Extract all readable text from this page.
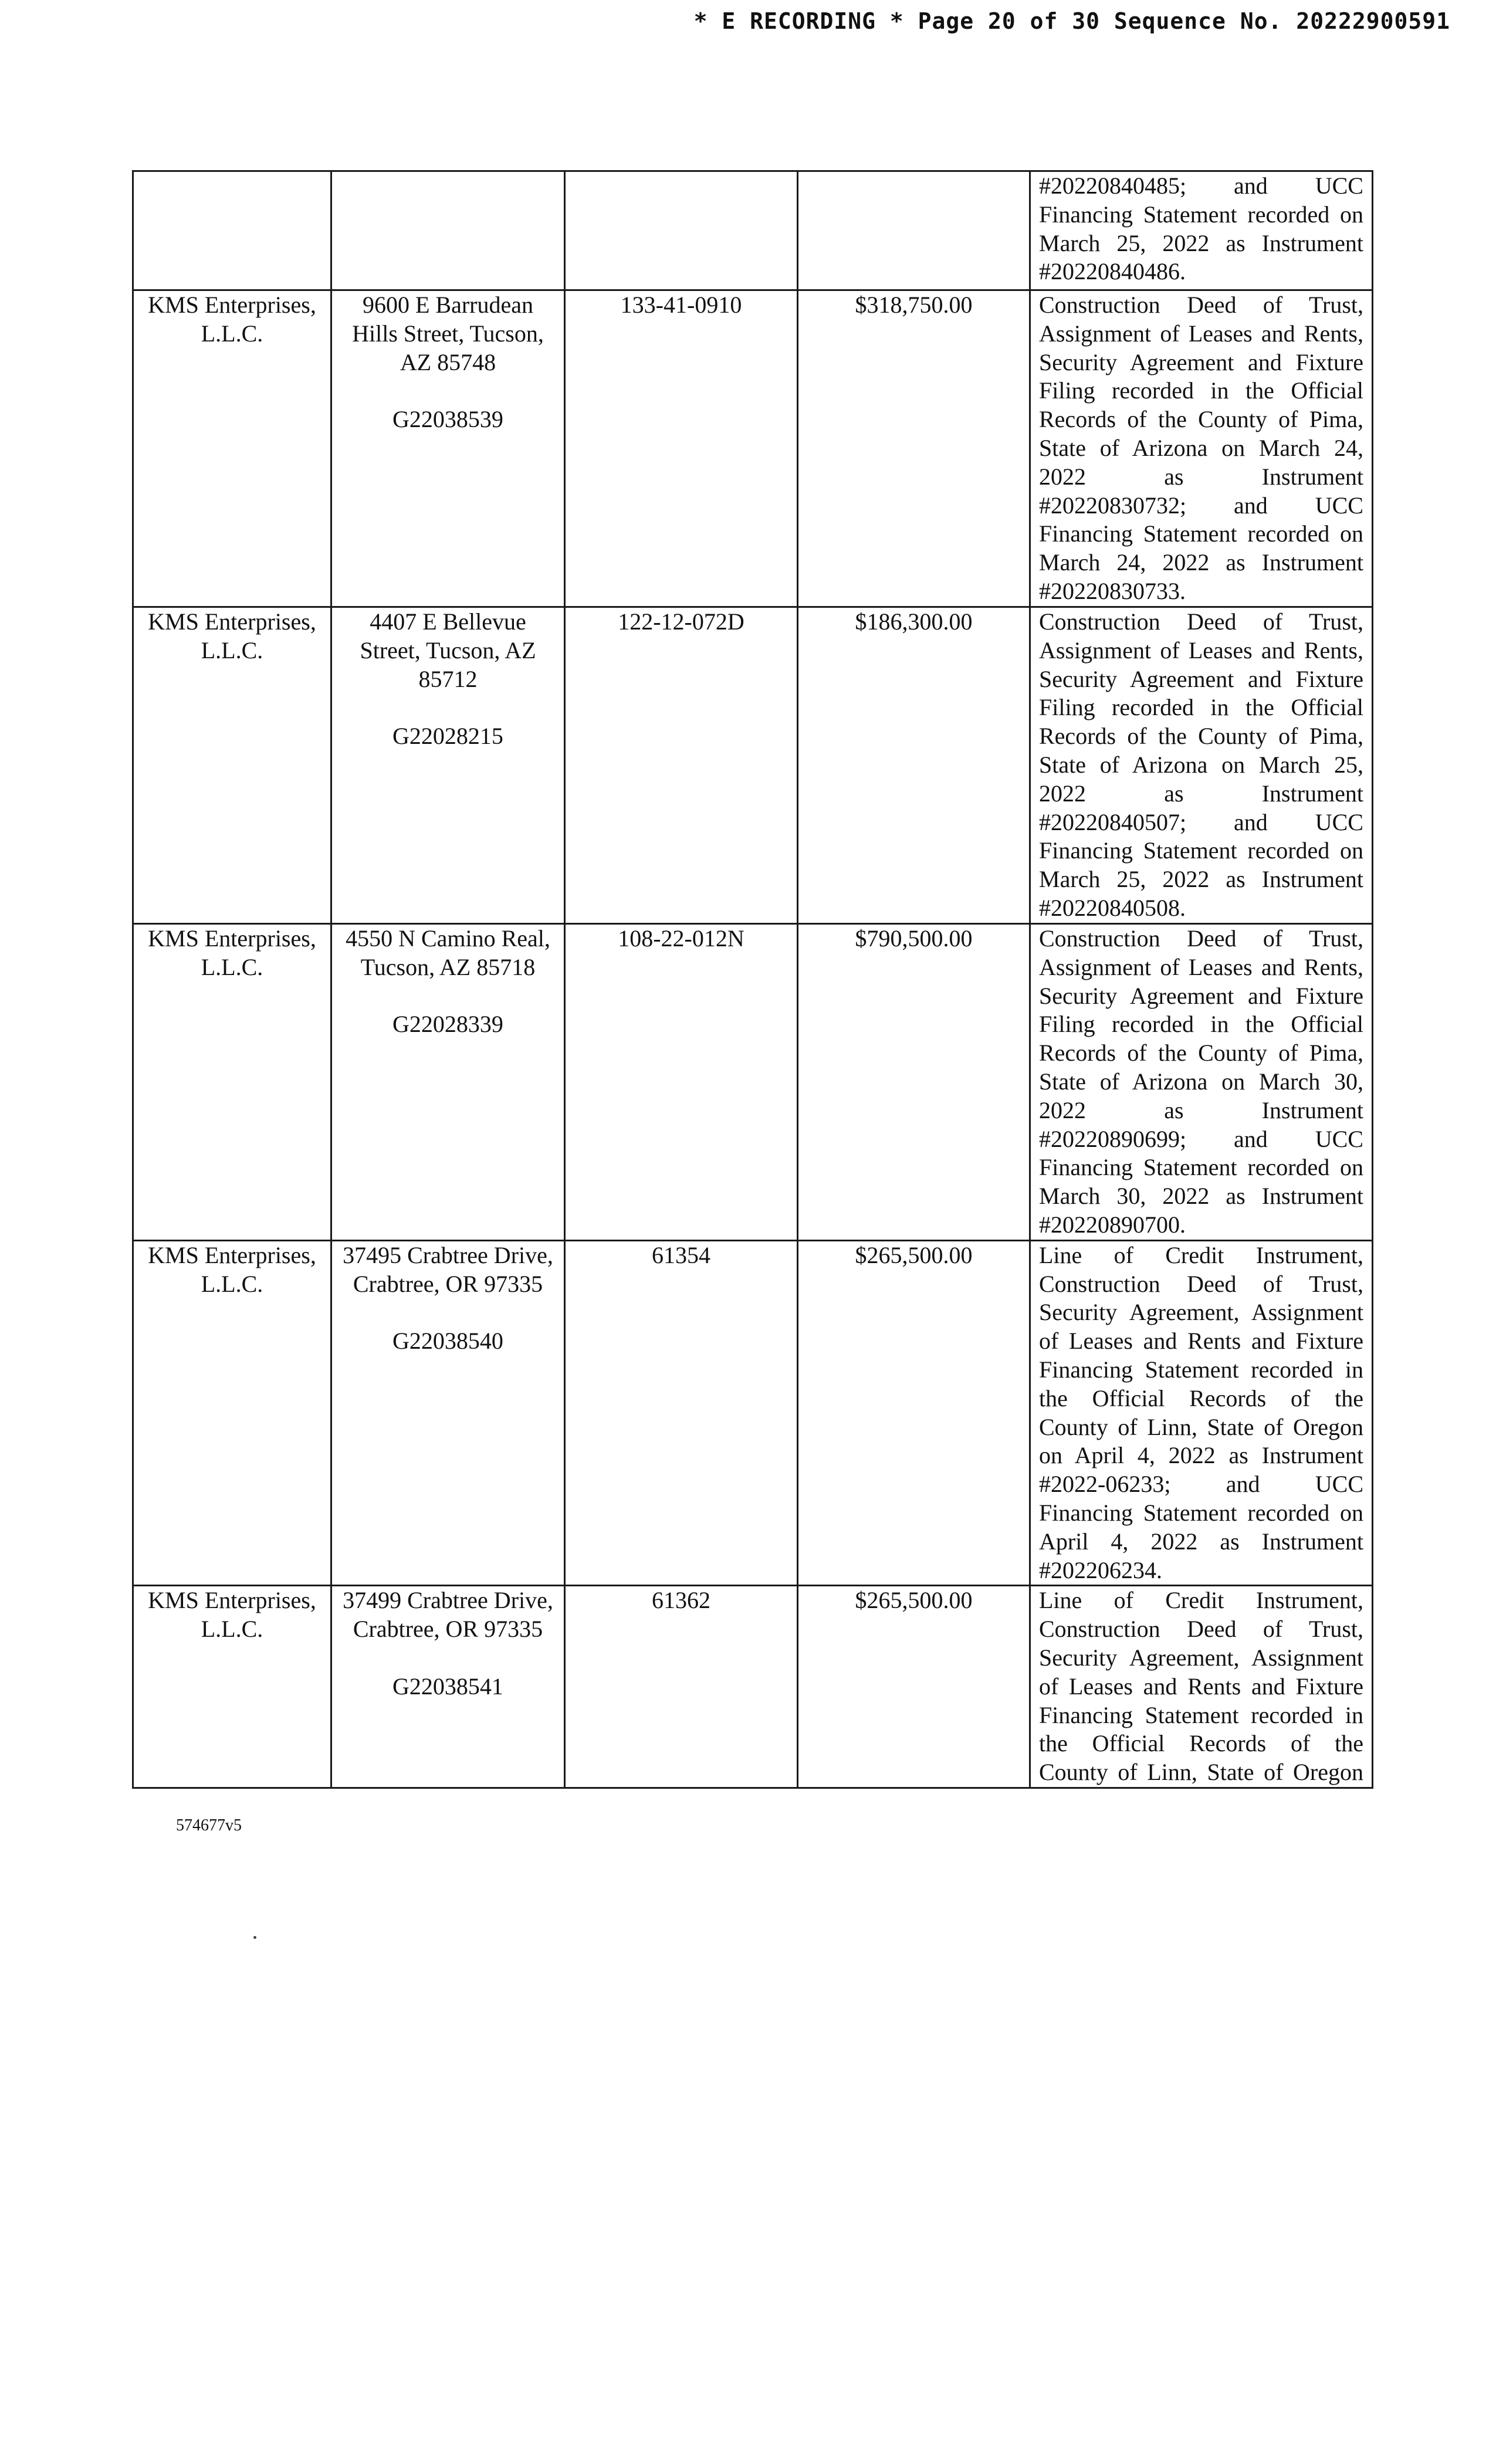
* E RECORDING * Page 20 of 30 Sequence No. 20222900591

			#20220840485; and UCC Financing Statement recorded on March 25, 2022 as Instrument
#20220840486.

KMS Enterprises, L.L.C.	9600 E Barrudean Hills Street, Tucson, AZ 85748
G22038539	133-41-0910	$318,750.00	Construction Deed of Trust, Assignment of Leases and Rents, Security Agreement and Fixture Filing recorded in the Official Records of the County of Pima, State of Arizona on March 24, 2022 as Instrument #20220830732; and UCC Financing Statement recorded on March 24, 2022 as Instrument
#20220830733.

KMS Enterprises, L.L.C.	4407 E Bellevue Street, Tucson, AZ 85712
G22028215	122-12-072D	$186,300.00	Construction Deed of Trust, Assignment of Leases and Rents, Security Agreement and Fixture Filing recorded in the Official Records of the County of Pima, State of Arizona on March 25, 2022 as Instrument #20220840507; and UCC Financing Statement recorded on March 25, 2022 as Instrument
#20220840508.

KMS Enterprises, L.L.C.	4550 N Camino Real, Tucson, AZ 85718
G22028339	108-22-012N	$790,500.00	Construction Deed of Trust, Assignment of Leases and Rents, Security Agreement and Fixture Filing recorded in the Official Records of the County of Pima, State of Arizona on March 30, 2022 as Instrument #20220890699; and UCC Financing Statement recorded on March 30, 2022 as Instrument
#20220890700.

KMS Enterprises, L.L.C.	37495 Crabtree Drive, Crabtree, OR 97335
G22038540	61354	$265,500.00	Line of Credit Instrument, Construction Deed of Trust, Security Agreement, Assignment of Leases and Rents and Fixture Financing Statement recorded in the Official Records of the County of Linn, State of Oregon on April 4, 2022 as Instrument #2022-06233; and UCC Financing Statement recorded on April 4, 2022 as Instrument
#202206234.

KMS Enterprises, L.L.C.	37499 Crabtree Drive, Crabtree, OR 97335
G22038541	61362	$265,500.00	Line of Credit Instrument, Construction Deed of Trust, Security Agreement, Assignment of Leases and Rents and Fixture Financing Statement recorded in the Official Records of the County of Linn, State of Oregon
574677v5
